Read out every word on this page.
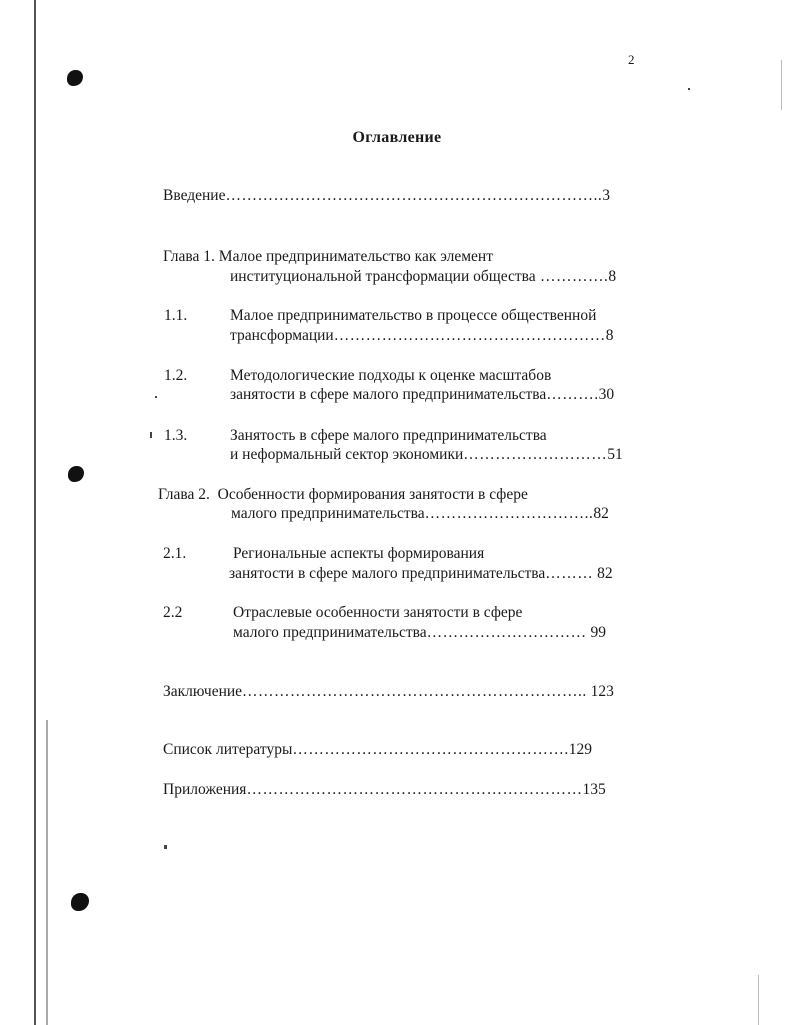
2
Оглавление
Введение……………………………………………………………..3
Глава 1. Малое предпринимательство как элемент
институциональной трансформации общества ………….8
1.1.	Малое предпринимательство в процессе общественной
трансформации……………………………………………8
1.2.	Методологические подходы к оценке масштабов
занятости в сфере малого предпринимательства……….30
1.3.	Занятость в сфере малого предпринимательства
и неформальный сектор экономики………………………51
Глава 2. Особенности формирования занятости в сфере
малого предпринимательства…………………………..82
2.1.	Региональные аспекты формирования
занятости в сфере малого предпринимательства……… 82
2.2	Отраслевые особенности занятости в сфере
малого предпринимательства………………………… 99
Заключение……………………………………………………….. 123
Список литературы…………………………………………….129
Приложения………………………………………………………135
